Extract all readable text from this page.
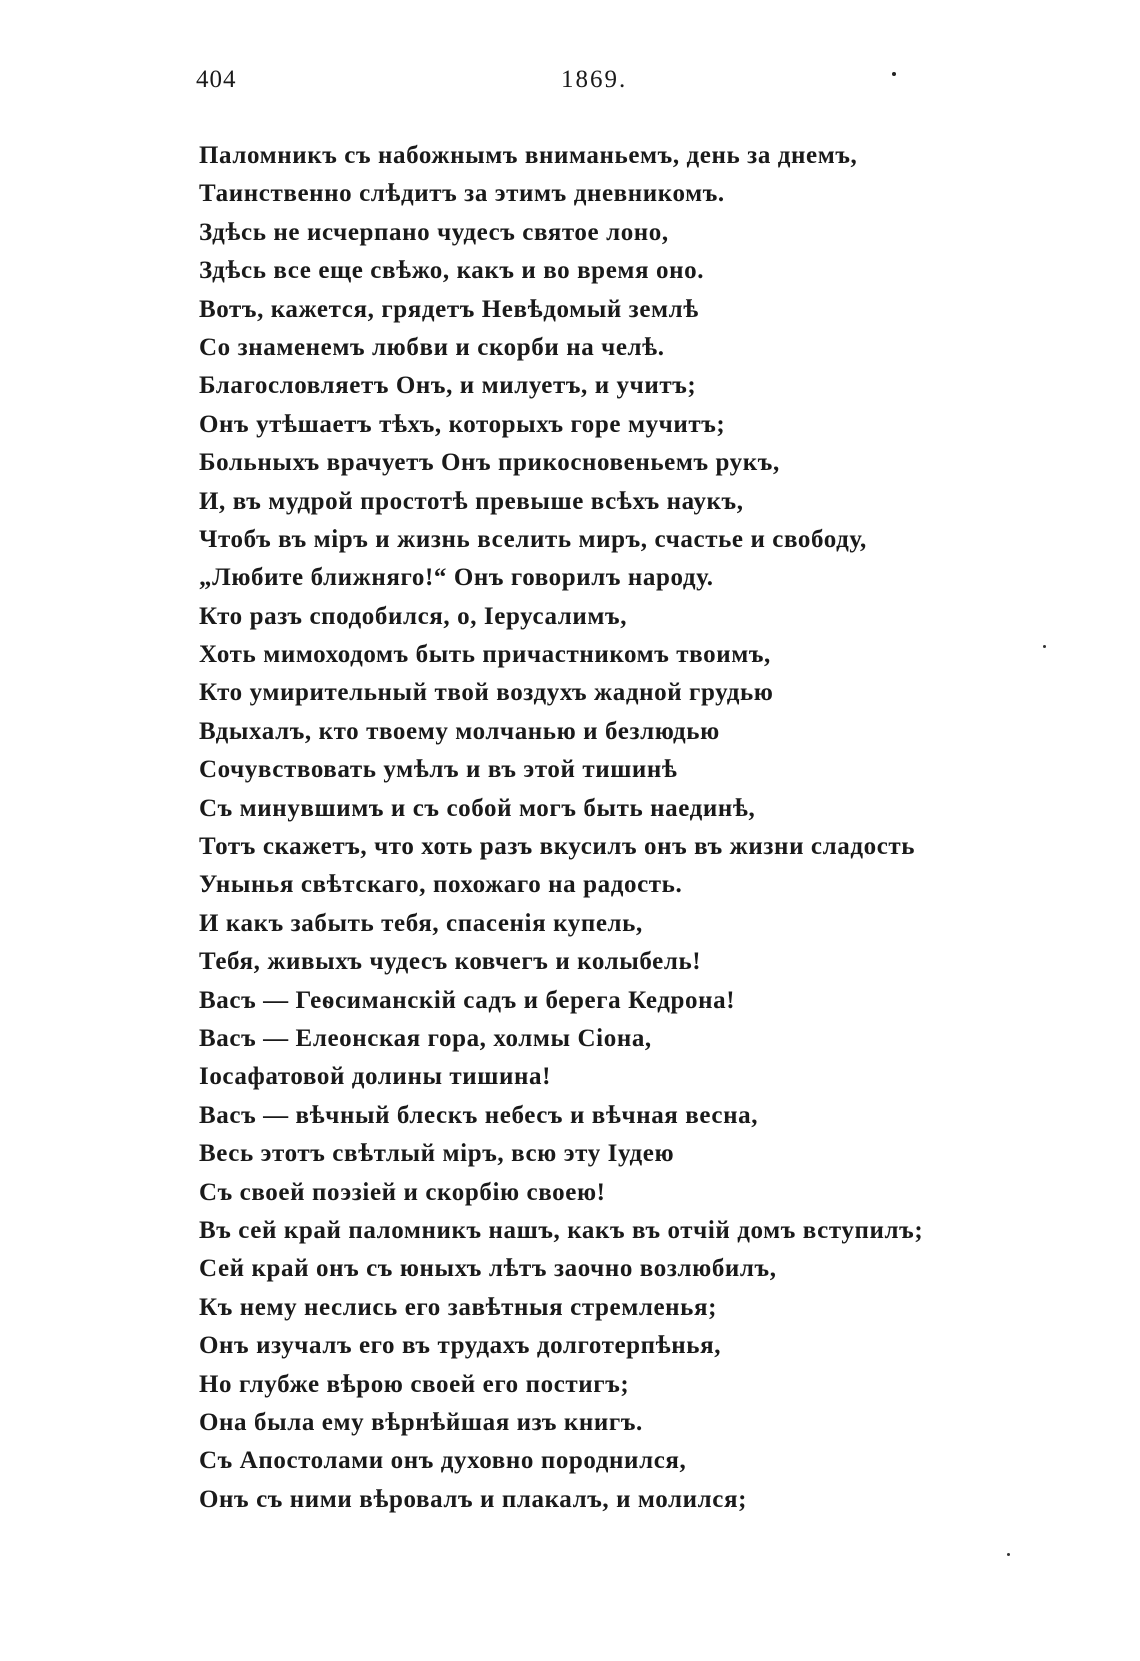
404	1869.
Паломникъ съ набожнымъ вниманьемъ, день за днемъ,
Таинственно слѣдитъ за этимъ дневникомъ.
Здѣсь не исчерпано чудесъ святое лоно,
Здѣсь все еще свѣжо, какъ и во время оно.
Вотъ, кажется, грядетъ Невѣдомый землѣ
Со знаменемъ любви и скорби на челѣ.
Благословляетъ Онъ, и милуетъ, и учитъ;
Онъ утѣшаетъ тѣхъ, которыхъ горе мучитъ;
Больныхъ врачуетъ Онъ прикосновеньемъ рукъ,
И, въ мудрой простотѣ превыше всѣхъ наукъ,
Чтобъ въ міръ и жизнь вселить миръ, счастье и свободу,
„Любите ближняго!“ Онъ говорилъ народу.
Кто разъ сподобился, о, Іерусалимъ,
Хоть мимоходомъ быть причастникомъ твоимъ,
Кто умирительный твой воздухъ жадной грудью
Вдыхалъ, кто твоему молчанью и безлюдью
Сочувствовать умѣлъ и въ этой тишинѣ
Съ минувшимъ и съ собой могъ быть наединѣ,
Тотъ скажетъ, что хоть разъ вкусилъ онъ въ жизни сладость
Унынья свѣтскаго, похожаго на радость.
И какъ забыть тебя, спасенія купель,
Тебя, живыхъ чудесъ ковчегъ и колыбель!
Васъ — Геѳсиманскій садъ и берега Кедрона!
Васъ — Елеонская гора, холмы Сіона,
Іосафатовой долины тишина!
Васъ — вѣчный блескъ небесъ и вѣчная весна,
Весь этотъ свѣтлый міръ, всю эту Іудею
Съ своей поэзіей и скорбію своею!
Въ сей край паломникъ нашъ, какъ въ отчій домъ вступилъ;
Сей край онъ съ юныхъ лѣтъ заочно возлюбилъ,
Къ нему неслись его завѣтныя стремленья;
Онъ изучалъ его въ трудахъ долготерпѣнья,
Но глубже вѣрою своей его постигъ;
Она была ему вѣрнѣйшая изъ книгъ.
Съ Апостолами онъ духовно породнился,
Онъ съ ними вѣровалъ и плакалъ, и молился;
